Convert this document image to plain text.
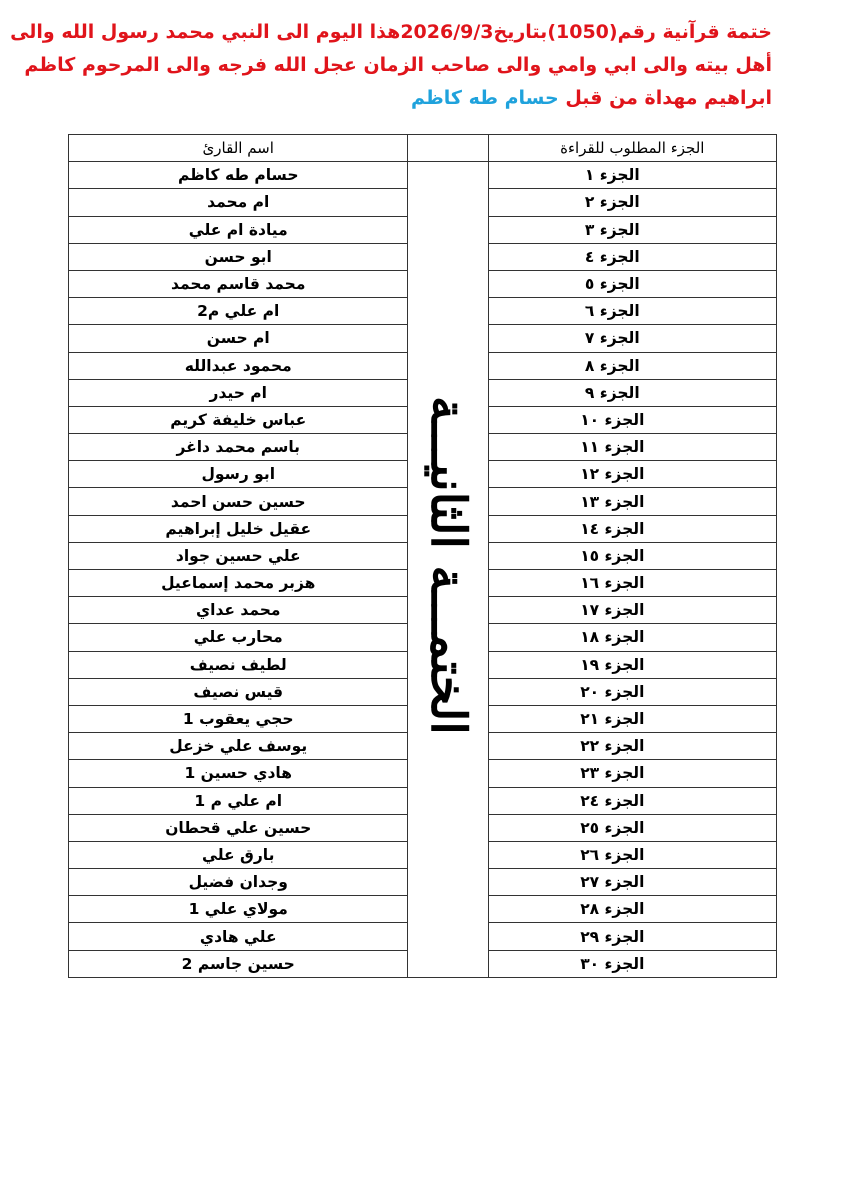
ختمة قرآنية رقم(1050)بتاريخ2026/9/3هذا اليوم الى النبي محمد رسول الله والى
أهل بيته والى ابي وامي والى صاحب الزمان عجل الله فرجه والى المرحوم كاظم
ابراهيم مهداة من قبل حسام طه كاظم
الجزء المطلوب للقراءة		اسم القارئ
الجزء ١	الختمـــة الثانيـــة	حسام طه كاظم
الجزء ٢		ام محمد
الجزء ٣		ميادة ام علي
الجزء ٤		ابو حسن
الجزء ٥		محمد قاسم محمد
الجزء ٦		ام علي م2
الجزء ٧		ام حسن
الجزء ٨		محمود عبدالله
الجزء ٩		ام حيدر
الجزء ١٠		عباس خليفة كريم
الجزء ١١		باسم محمد داغر
الجزء ١٢		ابو رسول
الجزء ١٣		حسين حسن احمد
الجزء ١٤		عقيل خليل إبراهيم
الجزء ١٥		علي حسين جواد
الجزء ١٦		هزبر محمد إسماعيل
الجزء ١٧		محمد عداي
الجزء ١٨		محارب علي
الجزء ١٩		لطيف نصيف
الجزء ٢٠		قيس نصيف
الجزء ٢١		حجي يعقوب 1
الجزء ٢٢		يوسف علي خزعل
الجزء ٢٣		هادي حسين 1
الجزء ٢٤		ام علي م 1
الجزء ٢٥		حسين علي قحطان
الجزء ٢٦		بارق علي
الجزء ٢٧		وجدان فضيل
الجزء ٢٨		مولاي علي 1
الجزء ٢٩		علي هادي
الجزء ٣٠		حسين جاسم 2
